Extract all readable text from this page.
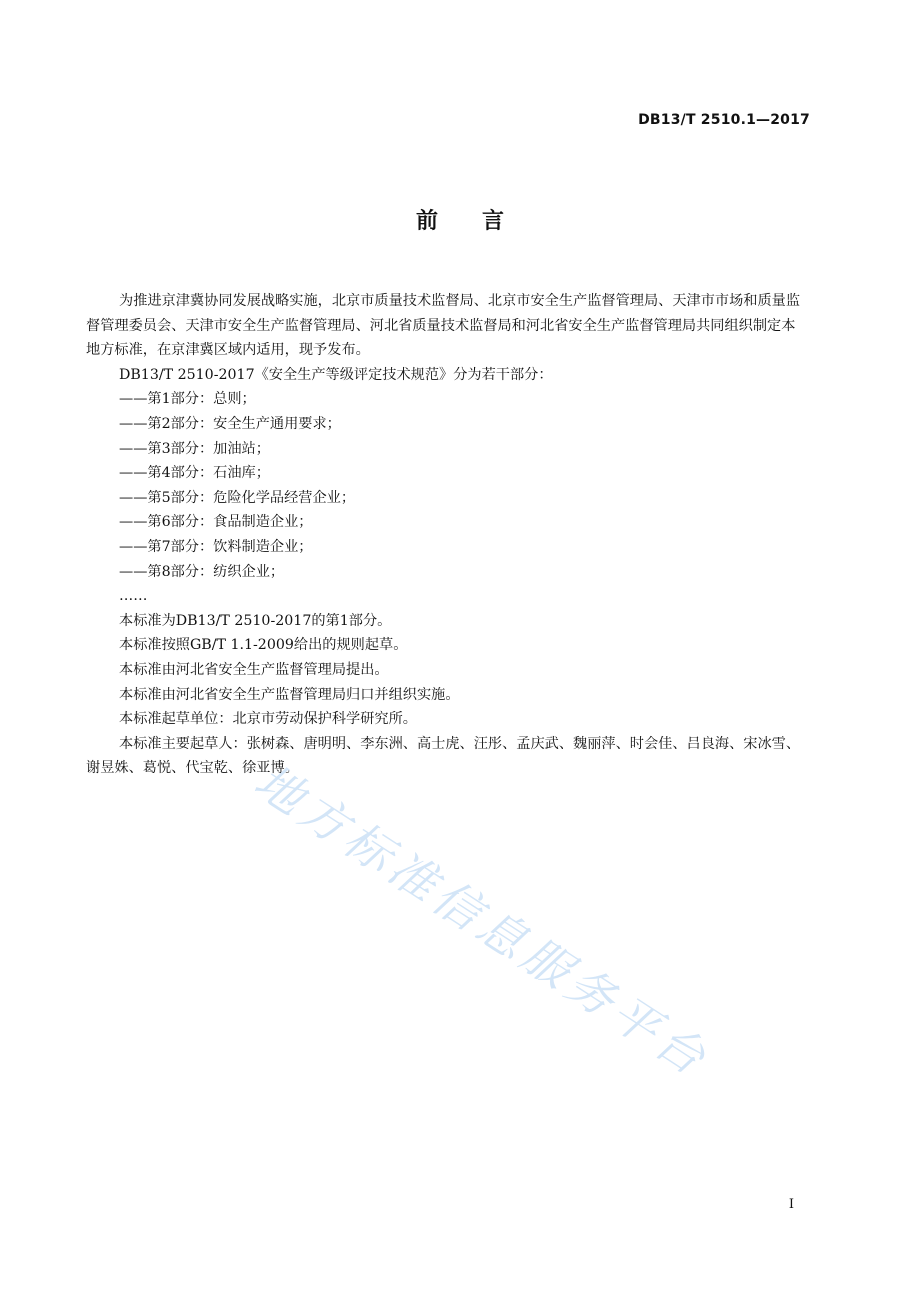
DB13/T 2510.1—2017
前 言

为推进京津冀协同发展战略实施，北京市质量技术监督局、北京市安全生产监督管理局、天津市市场和质量监督管理委员会、天津市安全生产监督管理局、河北省质量技术监督局和河北省安全生产监督管理局共同组织制定本地方标准，在京津冀区域内适用，现予发布。

DB13/T 2510-2017《安全生产等级评定技术规范》分为若干部分：

——第1部分：总则；

——第2部分：安全生产通用要求；

——第3部分：加油站；

——第4部分：石油库；

——第5部分：危险化学品经营企业；

——第6部分：食品制造企业；

——第7部分：饮料制造企业；

——第8部分：纺织企业；

……

本标准为DB13/T 2510-2017的第1部分。

本标准按照GB/T 1.1-2009给出的规则起草。

本标准由河北省安全生产监督管理局提出。

本标准由河北省安全生产监督管理局归口并组织实施。

本标准起草单位：北京市劳动保护科学研究所。

本标准主要起草人：张树森、唐明明、李东洲、高士虎、汪彤、孟庆武、魏丽萍、时会佳、吕良海、宋冰雪、谢昱姝、葛悦、代宝乾、徐亚博。

地方标准信息服务平台
I
